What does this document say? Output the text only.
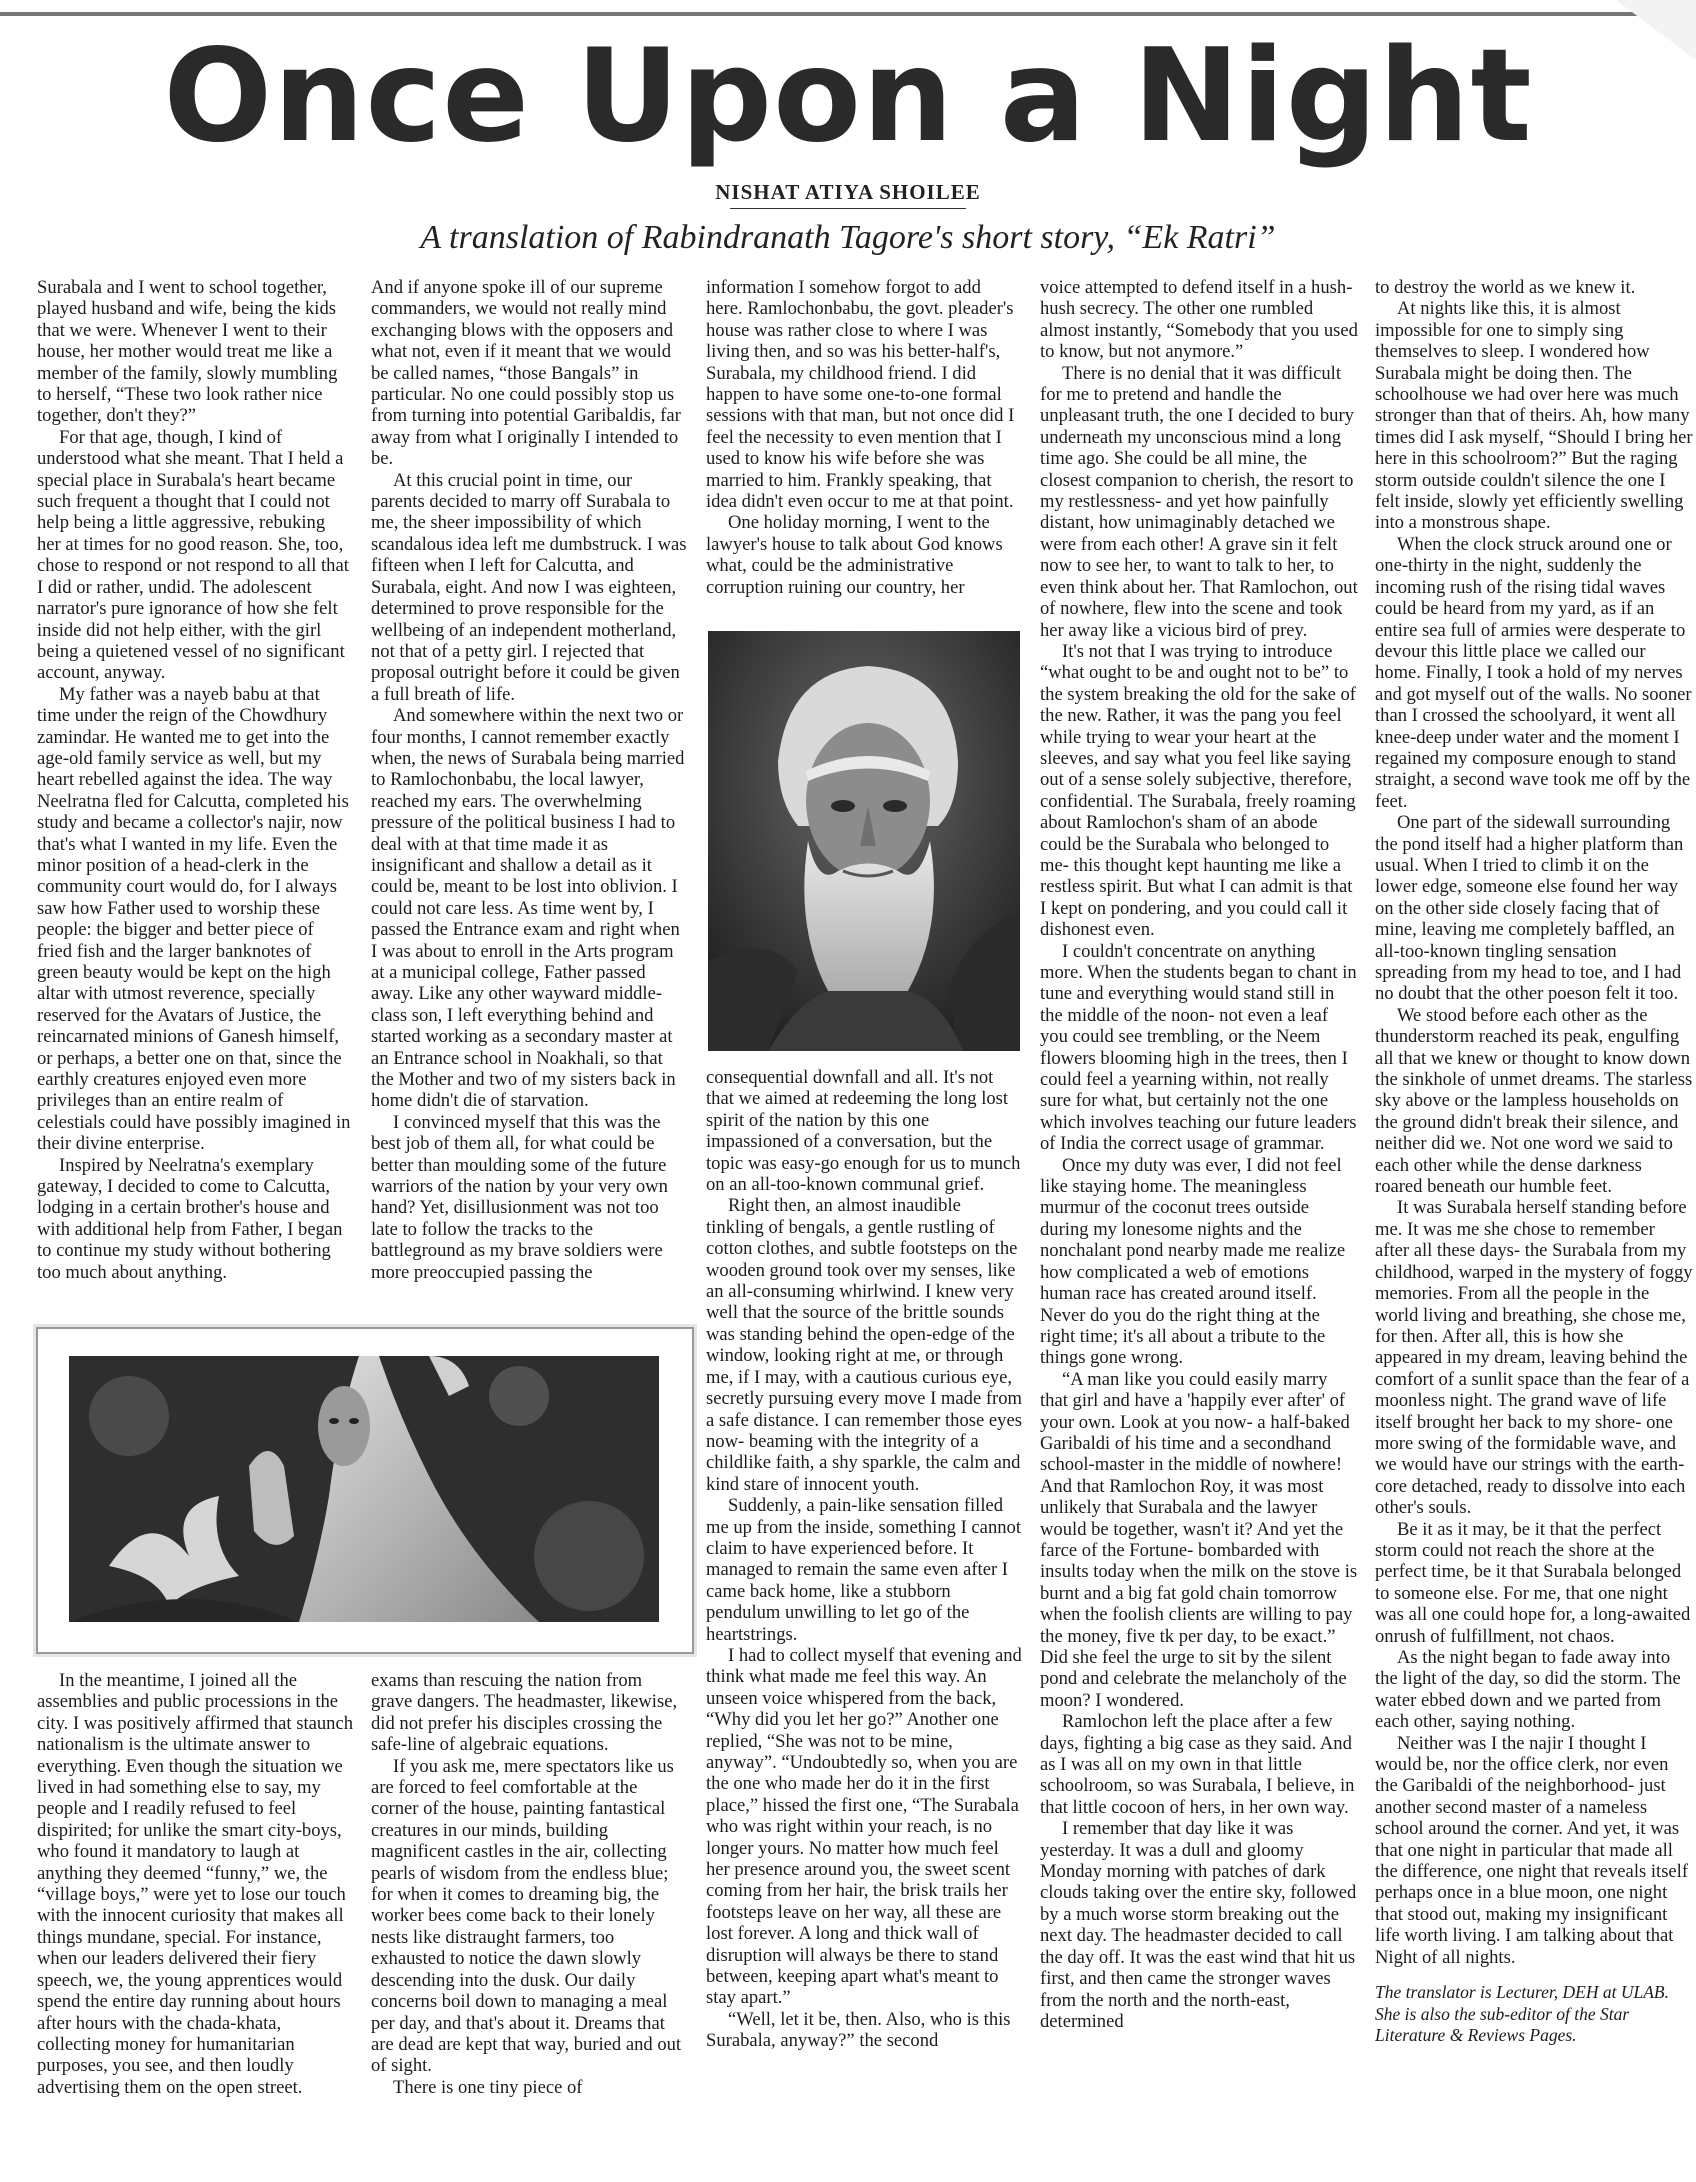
Once Upon a Night
NISHAT ATIYA SHOILEE
A translation of Rabindranath Tagore's short story, “Ek Ratri”

Surabala and I went to school together, played husband and wife, being the kids that we were. Whenever I went to their house, her mother would treat me like a member of the family, slowly mumbling to herself, “These two look rather nice together, don't they?”

For that age, though, I kind of understood what she meant. That I held a special place in Surabala's heart became such frequent a thought that I could not help being a little aggressive, rebuking her at times for no good reason. She, too, chose to respond or not respond to all that I did or rather, undid. The adolescent narrator's pure ignorance of how she felt inside did not help either, with the girl being a quietened vessel of no significant account, anyway.

My father was a nayeb babu at that time under the reign of the Chowdhury zamindar. He wanted me to get into the age-old family service as well, but my heart rebelled against the idea. The way Neelratna fled for Calcutta, completed his study and became a collector's najir, now that's what I wanted in my life. Even the minor position of a head-clerk in the community court would do, for I always saw how Father used to worship these people: the bigger and better piece of fried fish and the larger banknotes of green beauty would be kept on the high altar with utmost reverence, specially reserved for the Avatars of Justice, the reincarnated minions of Ganesh himself, or perhaps, a better one on that, since the earthly creatures enjoyed even more privileges than an entire realm of celestials could have possibly imagined in their divine enterprise.

Inspired by Neelratna's exemplary gateway, I decided to come to Calcutta, lodging in a certain brother's house and with additional help from Father, I began to continue my study without bothering too much about anything.

And if anyone spoke ill of our supreme commanders, we would not really mind exchanging blows with the opposers and what not, even if it meant that we would be called names, “those Bangals” in particular. No one could possibly stop us from turning into potential Garibaldis, far away from what I originally I intended to be.

At this crucial point in time, our parents decided to marry off Surabala to me, the sheer impossibility of which scandalous idea left me dumbstruck. I was fifteen when I left for Calcutta, and Surabala, eight. And now I was eighteen, determined to prove responsible for the wellbeing of an independent motherland, not that of a petty girl. I rejected that proposal outright before it could be given a full breath of life.

And somewhere within the next two or four months, I cannot remember exactly when, the news of Surabala being married to Ramlochonbabu, the local lawyer, reached my ears. The overwhelming pressure of the political business I had to deal with at that time made it as insignificant and shallow a detail as it could be, meant to be lost into oblivion. I could not care less. As time went by, I passed the Entrance exam and right when I was about to enroll in the Arts program at a municipal college, Father passed away. Like any other wayward middle-class son, I left everything behind and started working as a secondary master at an Entrance school in Noakhali, so that the Mother and two of my sisters back in home didn't die of starvation.

I convinced myself that this was the best job of them all, for what could be better than moulding some of the future warriors of the nation by your very own hand? Yet, disillusionment was not too late to follow the tracks to the battleground as my brave soldiers were more preoccupied passing the

information I somehow forgot to add here. Ramlochonbabu, the govt. pleader's house was rather close to where I was living then, and so was his better-half's, Surabala, my childhood friend. I did happen to have some one-to-one formal sessions with that man, but not once did I feel the necessity to even mention that I used to know his wife before she was married to him. Frankly speaking, that idea didn't even occur to me at that point.

One holiday morning, I went to the lawyer's house to talk about God knows what, could be the administrative corruption ruining our country, her

consequential downfall and all. It's not that we aimed at redeeming the long lost spirit of the nation by this one impassioned of a conversation, but the topic was easy-go enough for us to munch on an all-too-known communal grief.

Right then, an almost inaudible tinkling of bengals, a gentle rustling of cotton clothes, and subtle footsteps on the wooden ground took over my senses, like an all-consuming whirlwind. I knew very well that the source of the brittle sounds was standing behind the open-edge of the window, looking right at me, or through me, if I may, with a cautious curious eye, secretly pursuing every move I made from a safe distance. I can remember those eyes now- beaming with the integrity of a childlike faith, a shy sparkle, the calm and kind stare of innocent youth.

Suddenly, a pain-like sensation filled me up from the inside, something I cannot claim to have experienced before. It managed to remain the same even after I came back home, like a stubborn pendulum unwilling to let go of the heartstrings.

I had to collect myself that evening and think what made me feel this way. An unseen voice whispered from the back, “Why did you let her go?” Another one replied, “She was not to be mine, anyway”. “Undoubtedly so, when you are the one who made her do it in the first place,” hissed the first one, “The Surabala who was right within your reach, is no longer yours. No matter how much feel her presence around you, the sweet scent coming from her hair, the brisk trails her footsteps leave on her way, all these are lost forever. A long and thick wall of disruption will always be there to stand between, keeping apart what's meant to stay apart.”

“Well, let it be, then. Also, who is this Surabala, anyway?” the second

voice attempted to defend itself in a hush-hush secrecy. The other one rumbled almost instantly, “Somebody that you used to know, but not anymore.”

There is no denial that it was difficult for me to pretend and handle the unpleasant truth, the one I decided to bury underneath my unconscious mind a long time ago. She could be all mine, the closest companion to cherish, the resort to my restlessness- and yet how painfully distant, how unimaginably detached we were from each other! A grave sin it felt now to see her, to want to talk to her, to even think about her. That Ramlochon, out of nowhere, flew into the scene and took her away like a vicious bird of prey.

It's not that I was trying to introduce “what ought to be and ought not to be” to the system breaking the old for the sake of the new. Rather, it was the pang you feel while trying to wear your heart at the sleeves, and say what you feel like saying out of a sense solely subjective, therefore, confidential. The Surabala, freely roaming about Ramlochon's sham of an abode could be the Surabala who belonged to me- this thought kept haunting me like a restless spirit. But what I can admit is that I kept on pondering, and you could call it dishonest even.

I couldn't concentrate on anything more. When the students began to chant in tune and everything would stand still in the middle of the noon- not even a leaf you could see trembling, or the Neem flowers blooming high in the trees, then I could feel a yearning within, not really sure for what, but certainly not the one which involves teaching our future leaders of India the correct usage of grammar.

Once my duty was ever, I did not feel like staying home. The meaningless murmur of the coconut trees outside during my lonesome nights and the nonchalant pond nearby made me realize how complicated a web of emotions human race has created around itself. Never do you do the right thing at the right time; it's all about a tribute to the things gone wrong.

“A man like you could easily marry that girl and have a 'happily ever after' of your own. Look at you now- a half-baked Garibaldi of his time and a secondhand school-master in the middle of nowhere! And that Ramlochon Roy, it was most unlikely that Surabala and the lawyer would be together, wasn't it? And yet the farce of the Fortune- bombarded with insults today when the milk on the stove is burnt and a big fat gold chain tomorrow when the foolish clients are willing to pay the money, five tk per day, to be exact.” Did she feel the urge to sit by the silent pond and celebrate the melancholy of the moon? I wondered.

Ramlochon left the place after a few days, fighting a big case as they said. And as I was all on my own in that little schoolroom, so was Surabala, I believe, in that little cocoon of hers, in her own way.

I remember that day like it was yesterday. It was a dull and gloomy Monday morning with patches of dark clouds taking over the entire sky, followed by a much worse storm breaking out the next day. The headmaster decided to call the day off. It was the east wind that hit us first, and then came the stronger waves from the north and the north-east, determined

to destroy the world as we knew it.

At nights like this, it is almost impossible for one to simply sing themselves to sleep. I wondered how Surabala might be doing then. The schoolhouse we had over here was much stronger than that of theirs. Ah, how many times did I ask myself, “Should I bring her here in this schoolroom?” But the raging storm outside couldn't silence the one I felt inside, slowly yet efficiently swelling into a monstrous shape.

When the clock struck around one or one-thirty in the night, suddenly the incoming rush of the rising tidal waves could be heard from my yard, as if an entire sea full of armies were desperate to devour this little place we called our home. Finally, I took a hold of my nerves and got myself out of the walls. No sooner than I crossed the schoolyard, it went all knee-deep under water and the moment I regained my composure enough to stand straight, a second wave took me off by the feet.

One part of the sidewall surrounding the pond itself had a higher platform than usual. When I tried to climb it on the lower edge, someone else found her way on the other side closely facing that of mine, leaving me completely baffled, an all-too-known tingling sensation spreading from my head to toe, and I had no doubt that the other poeson felt it too.

We stood before each other as the thunderstorm reached its peak, engulfing all that we knew or thought to know down the sinkhole of unmet dreams. The starless sky above or the lampless households on the ground didn't break their silence, and neither did we. Not one word we said to each other while the dense darkness roared beneath our humble feet.

It was Surabala herself standing before me. It was me she chose to remember after all these days- the Surabala from my childhood, warped in the mystery of foggy memories. From all the people in the world living and breathing, she chose me, for then. After all, this is how she appeared in my dream, leaving behind the comfort of a sunlit space than the fear of a moonless night. The grand wave of life itself brought her back to my shore- one more swing of the formidable wave, and we would have our strings with the earth-core detached, ready to dissolve into each other's souls.

Be it as it may, be it that the perfect storm could not reach the shore at the perfect time, be it that Surabala belonged to someone else. For me, that one night was all one could hope for, a long-awaited onrush of fulfillment, not chaos.

As the night began to fade away into the light of the day, so did the storm. The water ebbed down and we parted from each other, saying nothing.

Neither was I the najir I thought I would be, nor the office clerk, nor even the Garibaldi of the neighborhood- just another second master of a nameless school around the corner. And yet, it was that one night in particular that made all the difference, one night that reveals itself perhaps once in a blue moon, one night that stood out, making my insignificant life worth living. I am talking about that Night of all nights.

The translator is Lecturer, DEH at ULAB. She is also the sub-editor of the Star Literature & Reviews Pages.

In the meantime, I joined all the assemblies and public processions in the city. I was positively affirmed that staunch nationalism is the ultimate answer to everything. Even though the situation we lived in had something else to say, my people and I readily refused to feel dispirited; for unlike the smart city-boys, who found it mandatory to laugh at anything they deemed “funny,” we, the “village boys,” were yet to lose our touch with the innocent curiosity that makes all things mundane, special. For instance, when our leaders delivered their fiery speech, we, the young apprentices would spend the entire day running about hours after hours with the chada-khata, collecting money for humanitarian purposes, you see, and then loudly advertising them on the open street.

exams than rescuing the nation from grave dangers. The headmaster, likewise, did not prefer his disciples crossing the safe-line of algebraic equations.

If you ask me, mere spectators like us are forced to feel comfortable at the corner of the house, painting fantastical creatures in our minds, building magnificent castles in the air, collecting pearls of wisdom from the endless blue; for when it comes to dreaming big, the worker bees come back to their lonely nests like distraught farmers, too exhausted to notice the dawn slowly descending into the dusk. Our daily concerns boil down to managing a meal per day, and that's about it. Dreams that are dead are kept that way, buried and out of sight.

There is one tiny piece of
